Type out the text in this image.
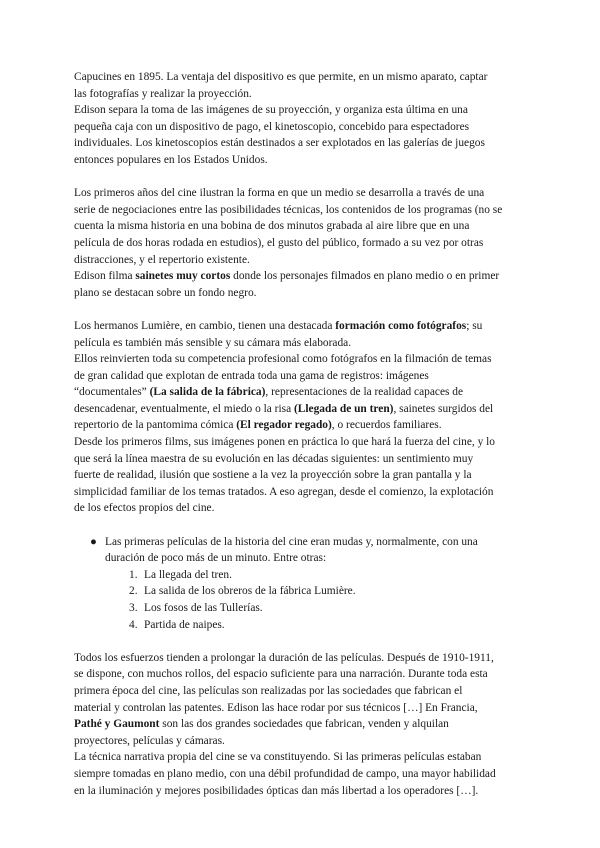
Capucines en 1895. La ventaja del dispositivo es que permite, en un mismo aparato, captar
las fotografías y realizar la proyección.
Edison separa la toma de las imágenes de su proyección, y organiza esta última en una
pequeña caja con un dispositivo de pago, el kinetoscopio, concebido para espectadores
individuales. Los kinetoscopios están destinados a ser explotados en las galerías de juegos
entonces populares en los Estados Unidos.
Los primeros años del cine ilustran la forma en que un medio se desarrolla a través de una
serie de negociaciones entre las posibilidades técnicas, los contenidos de los programas (no se
cuenta la misma historia en una bobina de dos minutos grabada al aire libre que en una
película de dos horas rodada en estudios), el gusto del público, formado a su vez por otras
distracciones, y el repertorio existente.
Edison filma sainetes muy cortos donde los personajes filmados en plano medio o en primer
plano se destacan sobre un fondo negro.
Los hermanos Lumière, en cambio, tienen una destacada formación como fotógrafos; su
película es también más sensible y su cámara más elaborada.
Ellos reinvierten toda su competencia profesional como fotógrafos en la filmación de temas
de gran calidad que explotan de entrada toda una gama de registros: imágenes
“documentales” (La salida de la fábrica), representaciones de la realidad capaces de
desencadenar, eventualmente, el miedo o la risa (Llegada de un tren), sainetes surgidos del
repertorio de la pantomima cómica (El regador regado), o recuerdos familiares.
Desde los primeros films, sus imágenes ponen en práctica lo que hará la fuerza del cine, y lo
que será la línea maestra de su evolución en las décadas siguientes: un sentimiento muy
fuerte de realidad, ilusión que sostiene a la vez la proyección sobre la gran pantalla y la
simplicidad familiar de los temas tratados. A eso agregan, desde el comienzo, la explotación
de los efectos propios del cine.
● Las primeras películas de la historia del cine eran mudas y, normalmente, con una
duración de poco más de un minuto. Entre otras:
1. La llegada del tren.
2. La salida de los obreros de la fábrica Lumière.
3. Los fosos de las Tullerías.
4. Partida de naipes.
Todos los esfuerzos tienden a prolongar la duración de las películas. Después de 1910-1911,
se dispone, con muchos rollos, del espacio suficiente para una narración. Durante toda esta
primera época del cine, las películas son realizadas por las sociedades que fabrican el
material y controlan las patentes. Edison las hace rodar por sus técnicos […] En Francia,
Pathé y Gaumont son las dos grandes sociedades que fabrican, venden y alquilan
proyectores, películas y cámaras.
La técnica narrativa propia del cine se va constituyendo. Si las primeras películas estaban
siempre tomadas en plano medio, con una débil profundidad de campo, una mayor habilidad
en la iluminación y mejores posibilidades ópticas dan más libertad a los operadores […].
